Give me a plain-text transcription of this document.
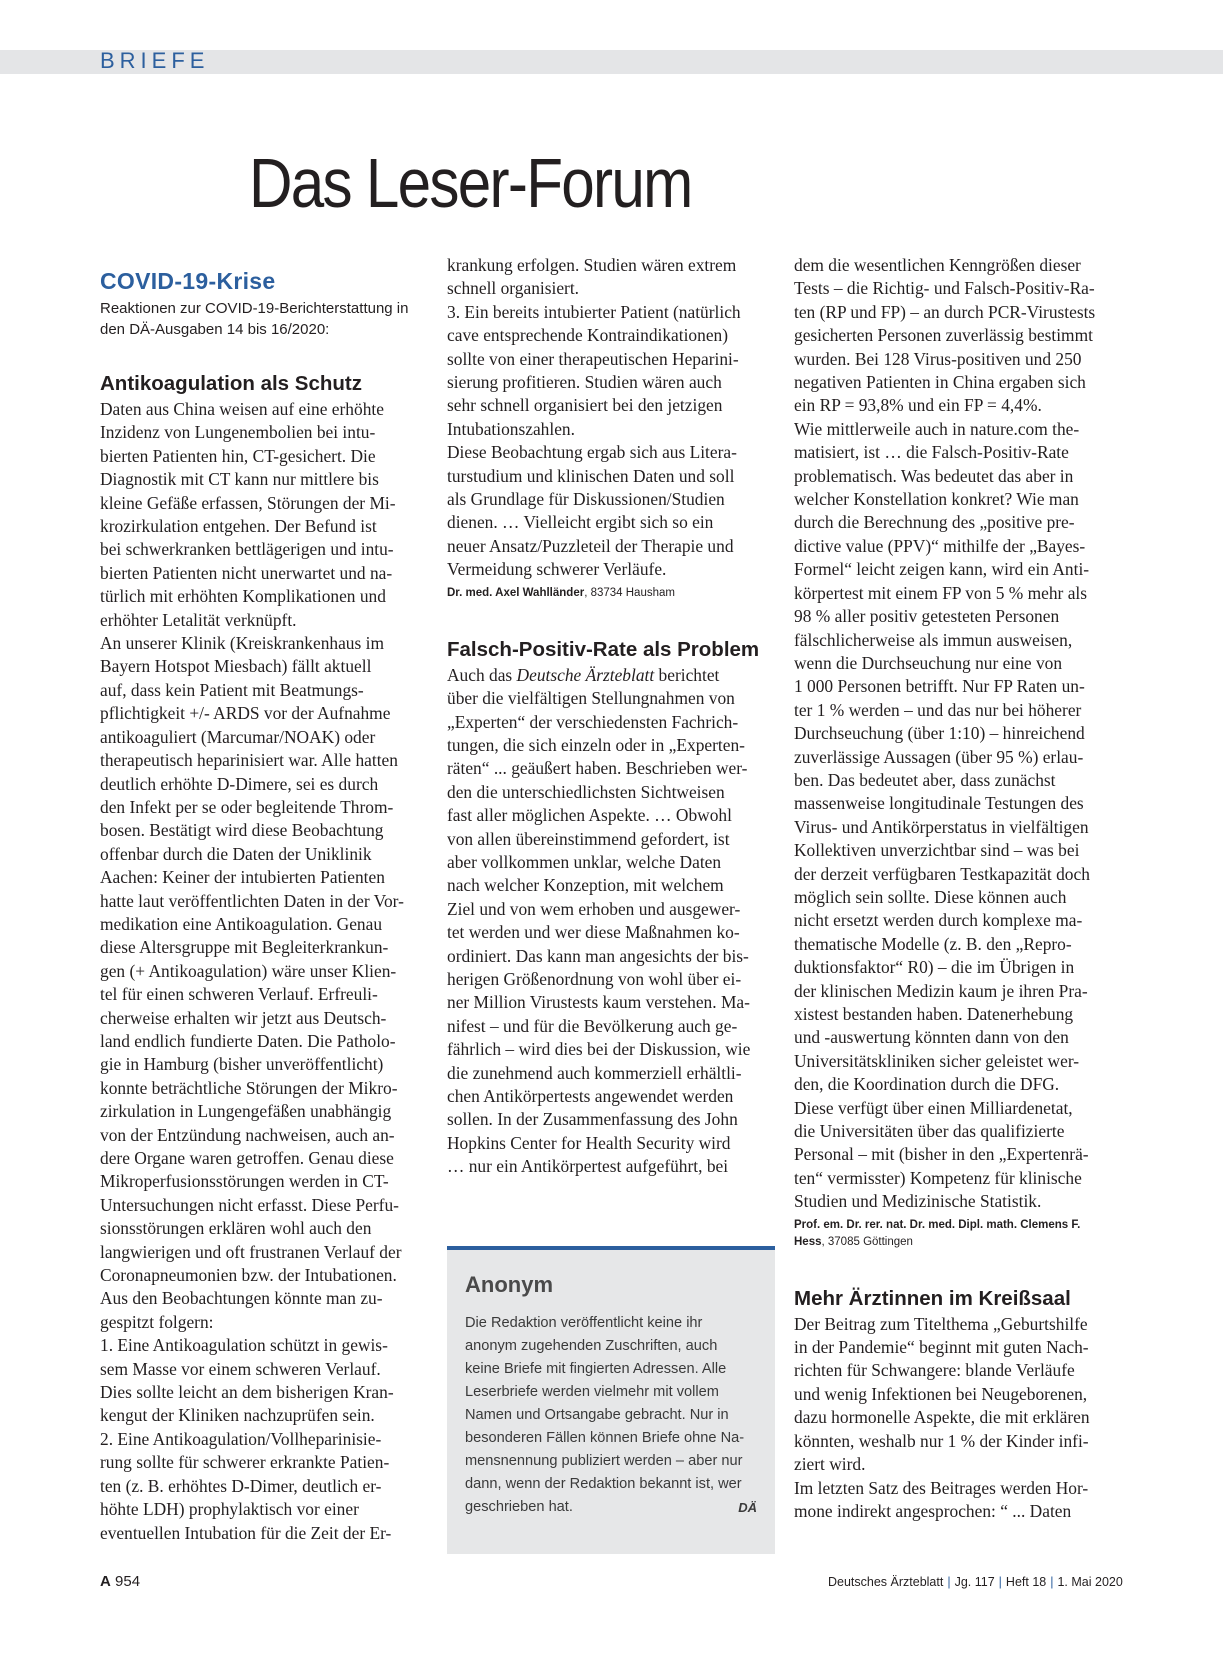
BRIEFE
Das Leser-Forum
COVID-19-Krise
Reaktionen zur COVID-19-Berichterstattung in
den DÄ-Ausgaben 14 bis 16/2020:
Antikoagulation als Schutz
Daten aus China weisen auf eine erhöhte
Inzidenz von Lungenembolien bei intu-
bierten Patienten hin, CT-gesichert. Die
Diagnostik mit CT kann nur mittlere bis
kleine Gefäße erfassen, Störungen der Mi-
krozirkulation entgehen. Der Befund ist
bei schwerkranken bettlägerigen und intu-
bierten Patienten nicht unerwartet und na-
türlich mit erhöhten Komplikationen und
erhöhter Letalität verknüpft.
An unserer Klinik (Kreiskrankenhaus im
Bayern Hotspot Miesbach) fällt aktuell
auf, dass kein Patient mit Beatmungs-
pflichtigkeit +/- ARDS vor der Aufnahme
antikoaguliert (Marcumar/NOAK) oder
therapeutisch heparinisiert war. Alle hatten
deutlich erhöhte D-Dimere, sei es durch
den Infekt per se oder begleitende Throm-
bosen. Bestätigt wird diese Beobachtung
offenbar durch die Daten der Uniklinik
Aachen: Keiner der intubierten Patienten
hatte laut veröffentlichten Daten in der Vor-
medikation eine Antikoagulation. Genau
diese Altersgruppe mit Begleiterkrankun-
gen (+ Antikoagulation) wäre unser Klien-
tel für einen schweren Verlauf. Erfreuli-
cherweise erhalten wir jetzt aus Deutsch-
land endlich fundierte Daten. Die Patholo-
gie in Hamburg (bisher unveröffentlicht)
konnte beträchtliche Störungen der Mikro-
zirkulation in Lungengefäßen unabhängig
von der Entzündung nachweisen, auch an-
dere Organe waren getroffen. Genau diese
Mikroperfusionsstörungen werden in CT-
Untersuchungen nicht erfasst. Diese Perfu-
sionsstörungen erklären wohl auch den
langwierigen und oft frustranen Verlauf der
Coronapneumonien bzw. der Intubationen.
Aus den Beobachtungen könnte man zu-
gespitzt folgern:
1. Eine Antikoagulation schützt in gewis-
sem Masse vor einem schweren Verlauf.
Dies sollte leicht an dem bisherigen Kran-
kengut der Kliniken nachzuprüfen sein.
2. Eine Antikoagulation/Vollheparinisie-
rung sollte für schwerer erkrankte Patien-
ten (z. B. erhöhtes D-Dimer, deutlich er-
höhte LDH) prophylaktisch vor einer
eventuellen Intubation für die Zeit der Er-
krankung erfolgen. Studien wären extrem
schnell organisiert.
3. Ein bereits intubierter Patient (natürlich
cave entsprechende Kontraindikationen)
sollte von einer therapeutischen Heparini-
sierung profitieren. Studien wären auch
sehr schnell organisiert bei den jetzigen
Intubationszahlen.
Diese Beobachtung ergab sich aus Litera-
turstudium und klinischen Daten und soll
als Grundlage für Diskussionen/Studien
dienen. … Vielleicht ergibt sich so ein
neuer Ansatz/Puzzleteil der Therapie und
Vermeidung schwerer Verläufe.
Dr. med. Axel Wahlländer, 83734 Hausham
Falsch-Positiv-Rate als Problem
Auch das Deutsche Ärzteblatt berichtet
über die vielfältigen Stellungnahmen von
„Experten“ der verschiedensten Fachrich-
tungen, die sich einzeln oder in „Experten-
räten“ ... geäußert haben. Beschrieben wer-
den die unterschiedlichsten Sichtweisen
fast aller möglichen Aspekte. … Obwohl
von allen übereinstimmend gefordert, ist
aber vollkommen unklar, welche Daten
nach welcher Konzeption, mit welchem
Ziel und von wem erhoben und ausgewer-
tet werden und wer diese Maßnahmen ko-
ordiniert. Das kann man angesichts der bis-
herigen Größenordnung von wohl über ei-
ner Million Virustests kaum verstehen. Ma-
nifest – und für die Bevölkerung auch ge-
fährlich – wird dies bei der Diskussion, wie
die zunehmend auch kommerziell erhältli-
chen Antikörpertests angewendet werden
sollen. In der Zusammenfassung des John
Hopkins Center for Health Security wird
… nur ein Antikörpertest aufgeführt, bei
Anonym
Die Redaktion veröffentlicht keine ihr
anonym zugehenden Zuschriften, auch
keine Briefe mit fingierten Adressen. Alle
Leserbriefe werden vielmehr mit vollem
Namen und Ortsangabe gebracht. Nur in
besonderen Fällen können Briefe ohne Na-
mensnennung publiziert werden – aber nur
dann, wenn der Redaktion bekannt ist, wer
geschrieben hat.	DÄ
dem die wesentlichen Kenngrößen dieser
Tests – die Richtig- und Falsch-Positiv-Ra-
ten (RP und FP) – an durch PCR-Virustests
gesicherten Personen zuverlässig bestimmt
wurden. Bei 128 Virus-positiven und 250
negativen Patienten in China ergaben sich
ein RP = 93,8% und ein FP = 4,4%.
Wie mittlerweile auch in nature.com the-
matisiert, ist … die Falsch-Positiv-Rate
problematisch. Was bedeutet das aber in
welcher Konstellation konkret? Wie man
durch die Berechnung des „positive pre-
dictive value (PPV)“ mithilfe der „Bayes-
Formel“ leicht zeigen kann, wird ein Anti-
körpertest mit einem FP von 5 % mehr als
98 % aller positiv getesteten Personen
fälschlicherweise als immun ausweisen,
wenn die Durchseuchung nur eine von
1 000 Personen betrifft. Nur FP Raten un-
ter 1 % werden – und das nur bei höherer
Durchseuchung (über 1:10) – hinreichend
zuverlässige Aussagen (über 95 %) erlau-
ben. Das bedeutet aber, dass zunächst
massenweise longitudinale Testungen des
Virus- und Antikörperstatus in vielfältigen
Kollektiven unverzichtbar sind – was bei
der derzeit verfügbaren Testkapazität doch
möglich sein sollte. Diese können auch
nicht ersetzt werden durch komplexe ma-
thematische Modelle (z. B. den „Repro-
duktionsfaktor“ R0) – die im Übrigen in
der klinischen Medizin kaum je ihren Pra-
xistest bestanden haben. Datenerhebung
und -auswertung könnten dann von den
Universitätskliniken sicher geleistet wer-
den, die Koordination durch die DFG.
Diese verfügt über einen Milliardenetat,
die Universitäten über das qualifizierte
Personal – mit (bisher in den „Expertenrä-
ten“ vermisster) Kompetenz für klinische
Studien und Medizinische Statistik.
Prof. em. Dr. rer. nat. Dr. med. Dipl. math. Clemens F.
Hess, 37085 Göttingen
Mehr Ärztinnen im Kreißsaal
Der Beitrag zum Titelthema „Geburtshilfe
in der Pandemie“ beginnt mit guten Nach-
richten für Schwangere: blande Verläufe
und wenig Infektionen bei Neugeborenen,
dazu hormonelle Aspekte, die mit erklären
könnten, weshalb nur 1 % der Kinder infi-
ziert wird.
Im letzten Satz des Beitrages werden Hor-
mone indirekt angesprochen: “ ... Daten
A 954	Deutsches Ärzteblatt | Jg. 117 | Heft 18 | 1. Mai 2020
